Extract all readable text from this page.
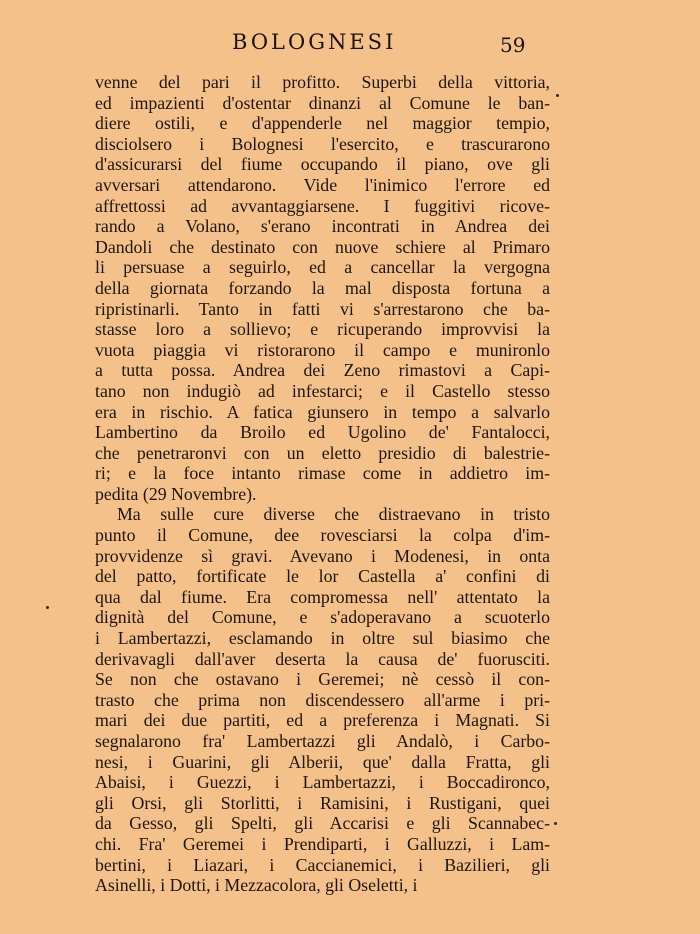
BOLOGNESI	59
venne del pari il profitto. Superbi della vittoria,
ed impazienti d'ostentar dinanzi al Comune le ban-
diere ostili, e d'appenderle nel maggior tempio,
disciolsero i Bolognesi l'esercito, e trascurarono
d'assicurarsi del fiume occupando il piano, ove gli
avversari attendarono. Vide l'inimico l'errore ed
affrettossi ad avvantaggiarsene. I fuggitivi ricove-
rando a Volano, s'erano incontrati in Andrea dei
Dandoli che destinato con nuove schiere al Primaro
li persuase a seguirlo, ed a cancellar la vergogna
della giornata forzando la mal disposta fortuna a
ripristinarli. Tanto in fatti vi s'arrestarono che ba-
stasse loro a sollievo; e ricuperando improvvisi la
vuota piaggia vi ristorarono il campo e munironlo
a tutta possa. Andrea dei Zeno rimastovi a Capi-
tano non indugiò ad infestarci; e il Castello stesso
era in rischio. A fatica giunsero in tempo a salvarlo
Lambertino da Broilo ed Ugolino de' Fantalocci,
che penetraronvi con un eletto presidio di balestrie-
ri; e la foce intanto rimase come in addietro im-
pedita (29 Novembre).
Ma sulle cure diverse che distraevano in tristo
punto il Comune, dee rovesciarsi la colpa d'im-
provvidenze sì gravi. Avevano i Modenesi, in onta
del patto, fortificate le lor Castella a' confini di
qua dal fiume. Era compromessa nell' attentato la
dignità del Comune, e s'adoperavano a scuoterlo
i Lambertazzi, esclamando in oltre sul biasimo che
derivavagli dall'aver deserta la causa de' fuorusciti.
Se non che ostavano i Geremei; nè cessò il con-
trasto che prima non discendessero all'arme i pri-
mari dei due partiti, ed a preferenza i Magnati. Si
segnalarono fra' Lambertazzi gli Andalò, i Carbo-
nesi, i Guarini, gli Alberii, que' dalla Fratta, gli
Abaisi, i Guezzi, i Lambertazzi, i Boccadironco,
gli Orsi, gli Storlitti, i Ramisini, i Rustigani, quei
da Gesso, gli Spelti, gli Accarisi e gli Scannabec-
chi. Fra' Geremei i Prendiparti, i Galluzzi, i Lam-
bertini, i Liazari, i Caccianemici, i Bazilieri, gli
Asinelli, i Dotti, i Mezzacolora, gli Oseletti, i
